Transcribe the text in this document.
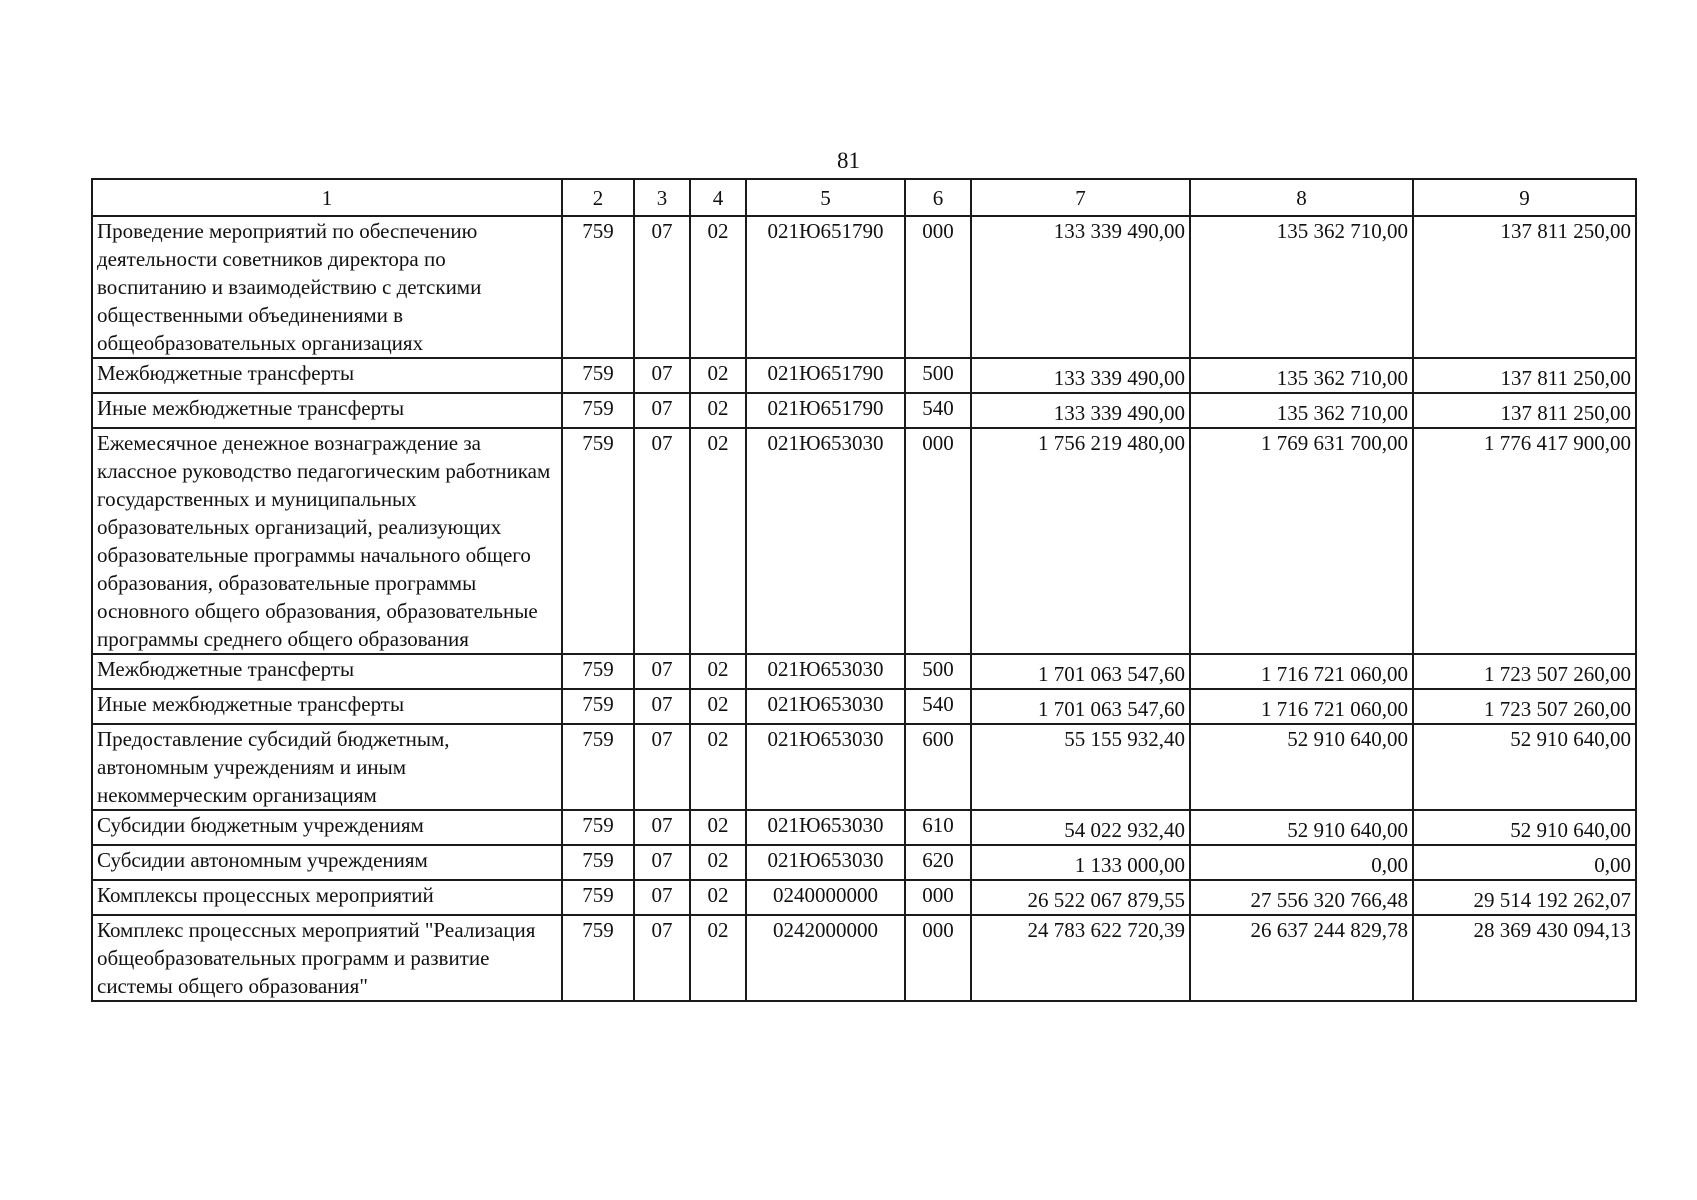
81
1	2	3	4	5	6	7	8	9
Проведение мероприятий по обеспечению деятельности советников директора по воспитанию и взаимодействию с детскими общественными объединениями в общеобразовательных организациях	759	07	02	021Ю651790	000	133 339 490,00	135 362 710,00	137 811 250,00
Межбюджетные трансферты	759	07	02	021Ю651790	500	133 339 490,00	135 362 710,00	137 811 250,00
Иные межбюджетные трансферты	759	07	02	021Ю651790	540	133 339 490,00	135 362 710,00	137 811 250,00
Ежемесячное денежное вознаграждение за классное руководство педагогическим работникам государственных и муниципальных образовательных организаций, реализующих образовательные программы начального общего образования, образовательные программы основного общего образования, образовательные программы среднего общего образования	759	07	02	021Ю653030	000	1 756 219 480,00	1 769 631 700,00	1 776 417 900,00
Межбюджетные трансферты	759	07	02	021Ю653030	500	1 701 063 547,60	1 716 721 060,00	1 723 507 260,00
Иные межбюджетные трансферты	759	07	02	021Ю653030	540	1 701 063 547,60	1 716 721 060,00	1 723 507 260,00
Предоставление субсидий бюджетным, автономным учреждениям и иным некоммерческим организациям	759	07	02	021Ю653030	600	55 155 932,40	52 910 640,00	52 910 640,00
Субсидии бюджетным учреждениям	759	07	02	021Ю653030	610	54 022 932,40	52 910 640,00	52 910 640,00
Субсидии автономным учреждениям	759	07	02	021Ю653030	620	1 133 000,00	0,00	0,00
Комплексы процессных мероприятий	759	07	02	0240000000	000	26 522 067 879,55	27 556 320 766,48	29 514 192 262,07
Комплекс процессных мероприятий "Реализация общеобразовательных программ и развитие системы общего образования"	759	07	02	0242000000	000	24 783 622 720,39	26 637 244 829,78	28 369 430 094,13
